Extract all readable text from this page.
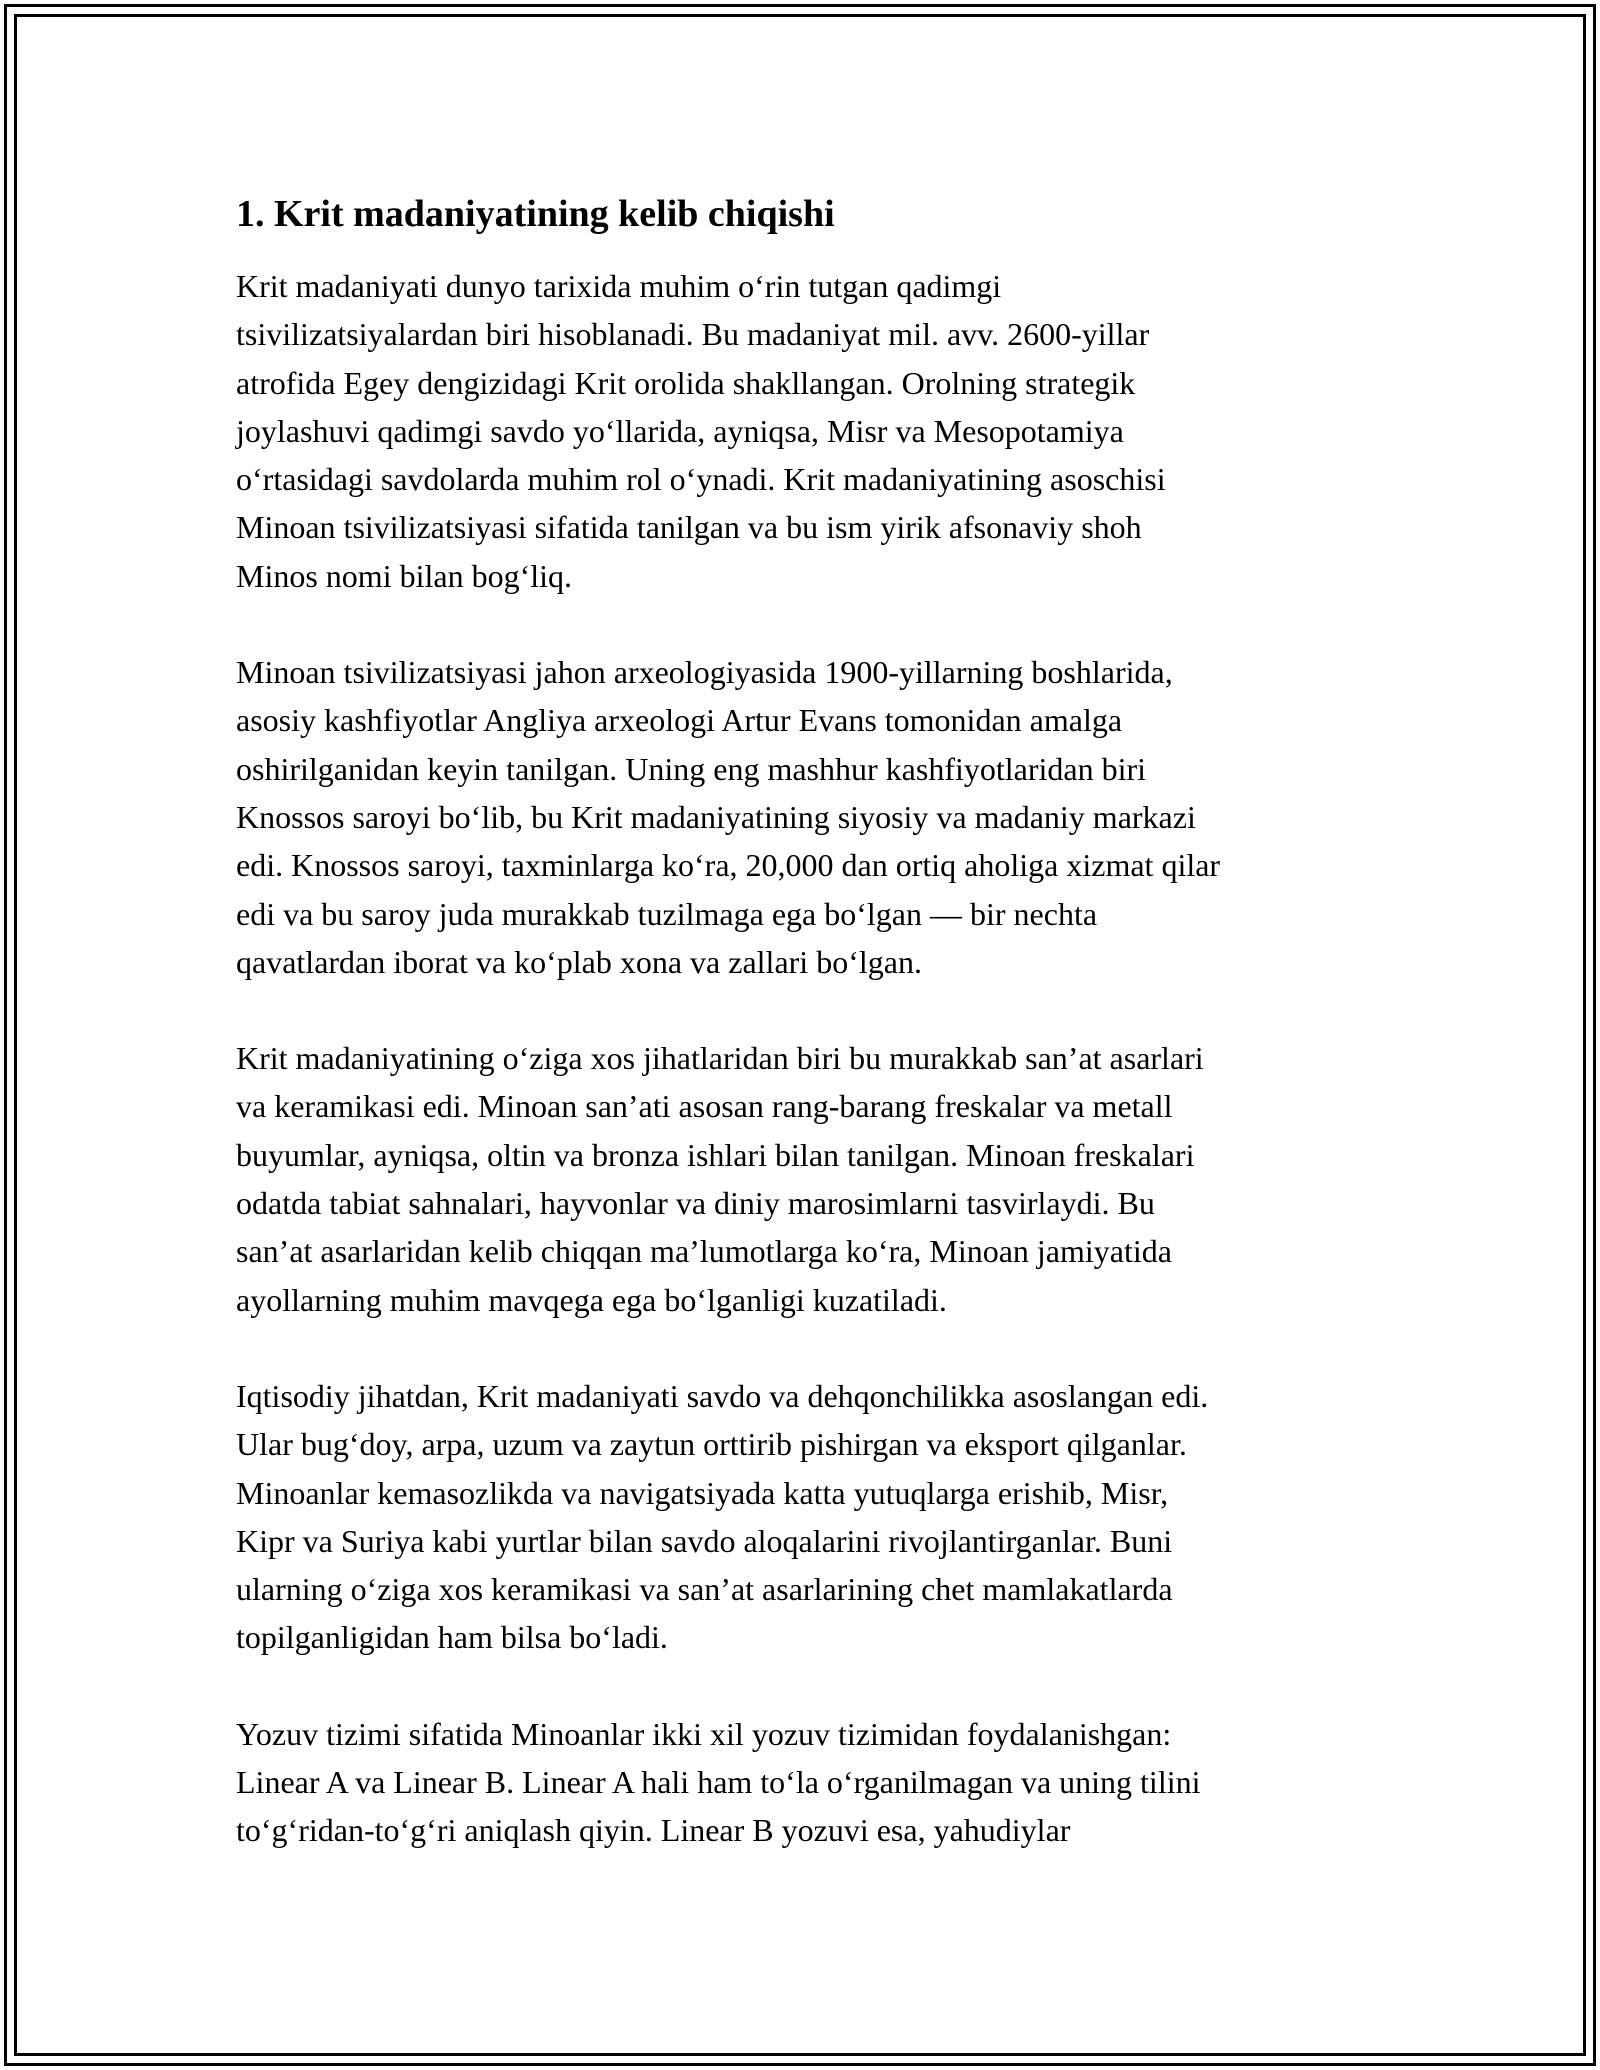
1. Krit madaniyatining kelib chiqishi

Krit madaniyati dunyo tarixida muhim o‘rin tutgan qadimgi
tsivilizatsiyalardan biri hisoblanadi. Bu madaniyat mil. avv. 2600-yillar
atrofida Egey dengizidagi Krit orolida shakllangan. Orolning strategik
joylashuvi qadimgi savdo yo‘llarida, ayniqsa, Misr va Mesopotamiya
o‘rtasidagi savdolarda muhim rol o‘ynadi. Krit madaniyatining asoschisi
Minoan tsivilizatsiyasi sifatida tanilgan va bu ism yirik afsonaviy shoh
Minos nomi bilan bog‘liq.

Minoan tsivilizatsiyasi jahon arxeologiyasida 1900-yillarning boshlarida,
asosiy kashfiyotlar Angliya arxeologi Artur Evans tomonidan amalga
oshirilganidan keyin tanilgan. Uning eng mashhur kashfiyotlaridan biri
Knossos saroyi bo‘lib, bu Krit madaniyatining siyosiy va madaniy markazi
edi. Knossos saroyi, taxminlarga ko‘ra, 20,000 dan ortiq aholiga xizmat qilar
edi va bu saroy juda murakkab tuzilmaga ega bo‘lgan — bir nechta
qavatlardan iborat va ko‘plab xona va zallari bo‘lgan.

Krit madaniyatining o‘ziga xos jihatlaridan biri bu murakkab san’at asarlari
va keramikasi edi. Minoan san’ati asosan rang-barang freskalar va metall
buyumlar, ayniqsa, oltin va bronza ishlari bilan tanilgan. Minoan freskalari
odatda tabiat sahnalari, hayvonlar va diniy marosimlarni tasvirlaydi. Bu
san’at asarlaridan kelib chiqqan ma’lumotlarga ko‘ra, Minoan jamiyatida
ayollarning muhim mavqega ega bo‘lganligi kuzatiladi.

Iqtisodiy jihatdan, Krit madaniyati savdo va dehqonchilikka asoslangan edi.
Ular bug‘doy, arpa, uzum va zaytun orttirib pishirgan va eksport qilganlar.
Minoanlar kemasozlikda va navigatsiyada katta yutuqlarga erishib, Misr,
Kipr va Suriya kabi yurtlar bilan savdo aloqalarini rivojlantirganlar. Buni
ularning o‘ziga xos keramikasi va san’at asarlarining chet mamlakatlarda
topilganligidan ham bilsa bo‘ladi.

Yozuv tizimi sifatida Minoanlar ikki xil yozuv tizimidan foydalanishgan:
Linear A va Linear B. Linear A hali ham to‘la o‘rganilmagan va uning tilini
to‘g‘ridan-to‘g‘ri aniqlash qiyin. Linear B yozuvi esa, yahudiylar
